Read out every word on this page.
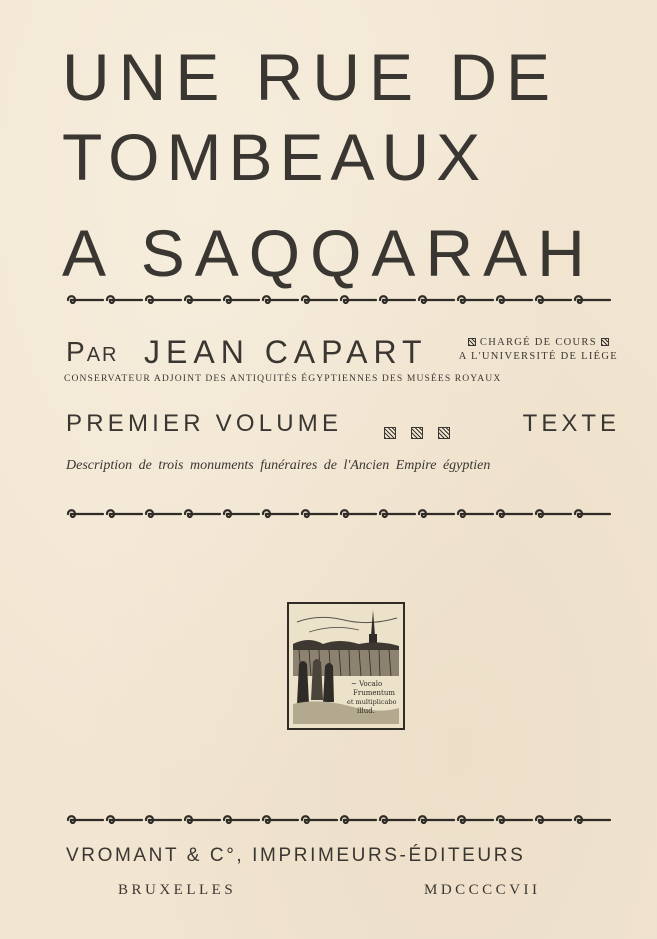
UNE RUE DE
TOMBEAUX
A SAQQARAH
PAR JEAN CAPART	CHARGÉ DE COURS
A L'UNIVERSITÉ DE LIÉGE
CONSERVATEUR ADJOINT DES ANTIQUITÉS ÉGYPTIENNES DES MUSÉES ROYAUX
PREMIER VOLUME	TEXTE
Description de trois monuments funéraires de l'Ancien Empire égyptien
~ Vocalo
Frumentum
et multiplicabo
illud.
VROMANT & C°, IMPRIMEURS-ÉDITEURS
BRUXELLES	MDCCCCVII
